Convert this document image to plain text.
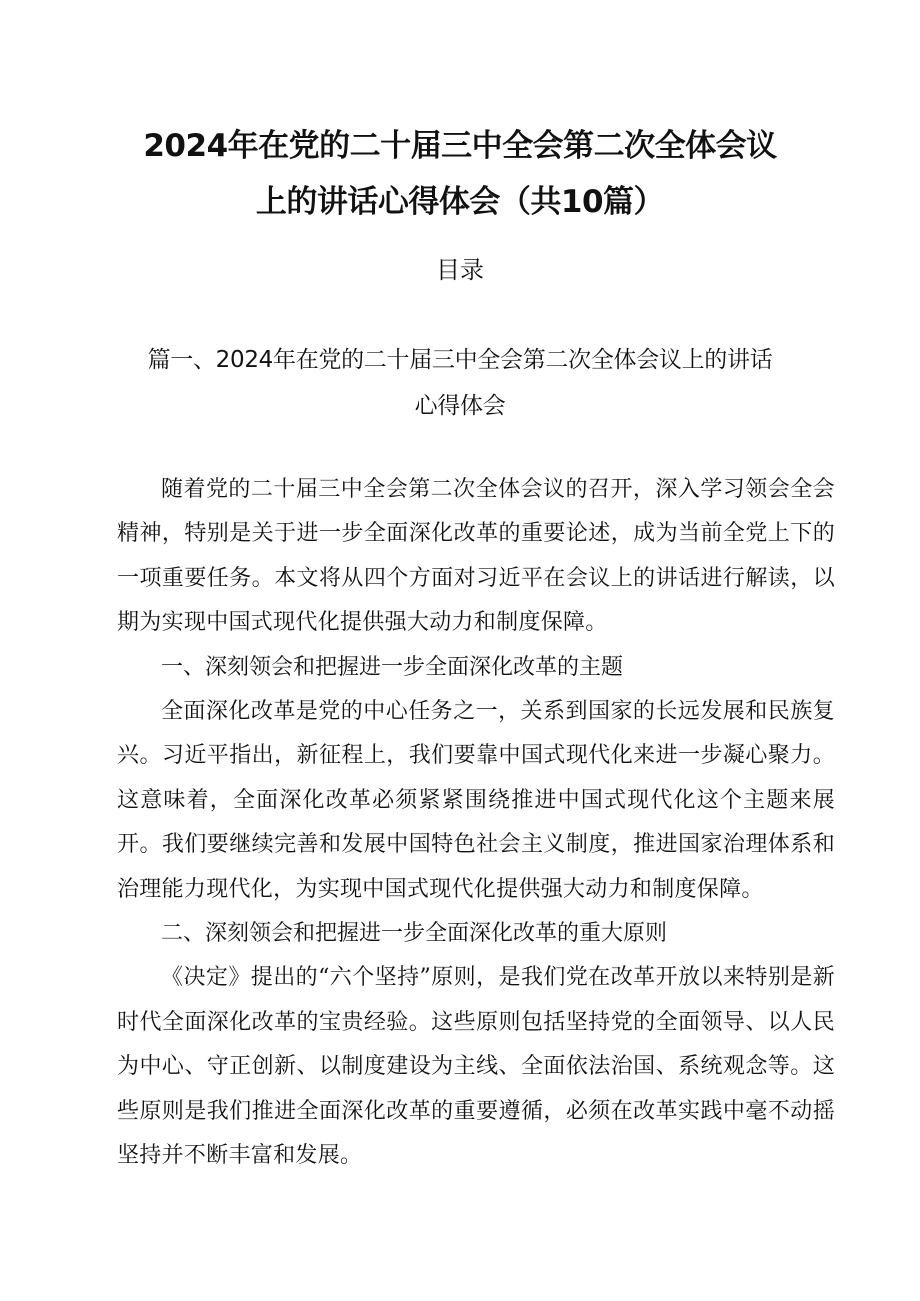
2024年在党的二十届三中全会第二次全体会议
上的讲话心得体会（共10篇）
目录
篇一、2024年在党的二十届三中全会第二次全体会议上的讲话
心得体会

随着党的二十届三中全会第二次全体会议的召开，深入学习领会全会精神，特别是关于进一步全面深化改革的重要论述，成为当前全党上下的一项重要任务。本文将从四个方面对习近平在会议上的讲话进行解读，以期为实现中国式现代化提供强大动力和制度保障。

一、深刻领会和把握进一步全面深化改革的主题

全面深化改革是党的中心任务之一，关系到国家的长远发展和民族复兴。习近平指出，新征程上，我们要靠中国式现代化来进一步凝心聚力。这意味着，全面深化改革必须紧紧围绕推进中国式现代化这个主题来展开。我们要继续完善和发展中国特色社会主义制度，推进国家治理体系和治理能力现代化，为实现中国式现代化提供强大动力和制度保障。

二、深刻领会和把握进一步全面深化改革的重大原则

《决定》提出的“六个坚持”原则，是我们党在改革开放以来特别是新时代全面深化改革的宝贵经验。这些原则包括坚持党的全面领导、以人民为中心、守正创新、以制度建设为主线、全面依法治国、系统观念等。这些原则是我们推进全面深化改革的重要遵循，必须在改革实践中毫不动摇坚持并不断丰富和发展。
